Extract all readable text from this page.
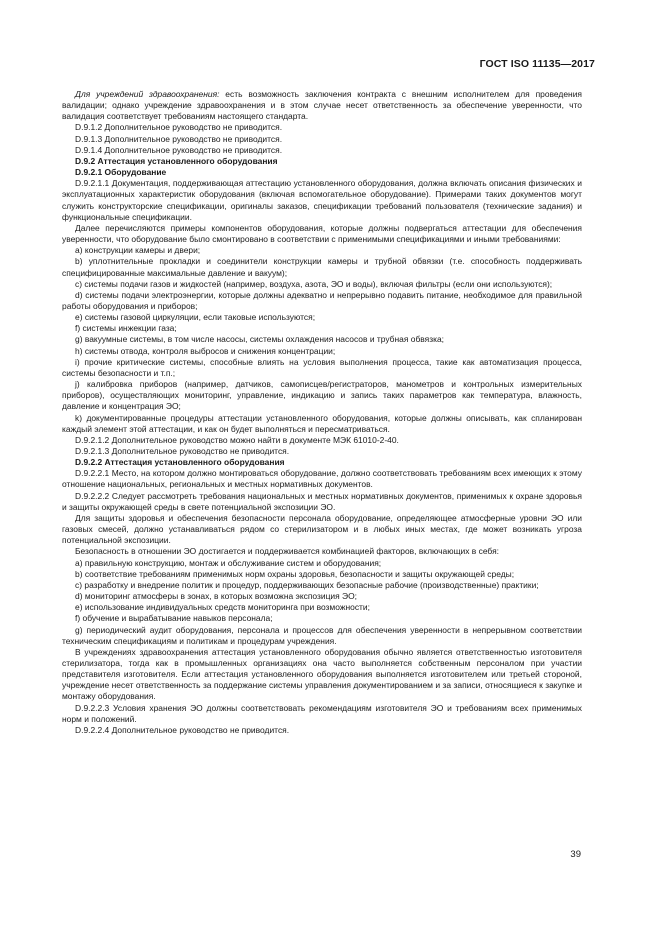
ГОСТ ISO 11135—2017

Для учреждений здравоохранения: есть возможность заключения контракта с внешним исполнителем для проведения валидации; однако учреждение здравоохранения и в этом случае несет ответственность за обеспечение уверенности, что валидация соответствует требованиям настоящего стандарта.

D.9.1.2 Дополнительное руководство не приводится.

D.9.1.3 Дополнительное руководство не приводится.

D.9.1.4 Дополнительное руководство не приводится.

D.9.2 Аттестация установленного оборудования

D.9.2.1 Оборудование

D.9.2.1.1 Документация, поддерживающая аттестацию установленного оборудования, должна включать описания физических и эксплуатационных характеристик оборудования (включая вспомогательное оборудование). Примерами таких документов могут служить конструкторские спецификации, оригиналы заказов, спецификации требований пользователя (технические задания) и функциональные спецификации.

Далее перечисляются примеры компонентов оборудования, которые должны подвергаться аттестации для обеспечения уверенности, что оборудование было смонтировано в соответствии с применимыми спецификациями и иными требованиями:

a) конструкции камеры и двери;

b) уплотнительные прокладки и соединители конструкции камеры и трубной обвязки (т.е. способность поддерживать специфицированные максимальные давление и вакуум);

c) системы подачи газов и жидкостей (например, воздуха, азота, ЭО и воды), включая фильтры (если они используются);

d) системы подачи электроэнергии, которые должны адекватно и непрерывно подавить питание, необходимое для правильной работы оборудования и приборов;

e) системы газовой циркуляции, если таковые используются;

f) системы инжекции газа;

g) вакуумные системы, в том числе насосы, системы охлаждения насосов и трубная обвязка;

h) системы отвода, контроля выбросов и снижения концентрации;

i) прочие критические системы, способные влиять на условия выполнения процесса, такие как автоматизация процесса, системы безопасности и т.п.;

j) калибровка приборов (например, датчиков, самописцев/регистраторов, манометров и контрольных измерительных приборов), осуществляющих мониторинг, управление, индикацию и запись таких параметров как температура, влажность, давление и концентрация ЭО;

k) документированные процедуры аттестации установленного оборудования, которые должны описывать, как спланирован каждый элемент этой аттестации, и как он будет выполняться и пересматриваться.

D.9.2.1.2 Дополнительное руководство можно найти в документе МЭК 61010-2-40.

D.9.2.1.3 Дополнительное руководство не приводится.

D.9.2.2 Аттестация установленного оборудования

D.9.2.2.1 Место, на котором должно монтироваться оборудование, должно соответствовать требованиям всех имеющих к этому отношение национальных, региональных и местных нормативных документов.

D.9.2.2.2 Следует рассмотреть требования национальных и местных нормативных документов, применимых к охране здоровья и защиты окружающей среды в свете потенциальной экспозиции ЭО.

Для защиты здоровья и обеспечения безопасности персонала оборудование, определяющее атмосферные уровни ЭО или газовых смесей, должно устанавливаться рядом со стерилизатором и в любых иных местах, где может возникать угроза потенциальной экспозиции.

Безопасность в отношении ЭО достигается и поддерживается комбинацией факторов, включающих в себя:

a) правильную конструкцию, монтаж и обслуживание систем и оборудования;

b) соответствие требованиям применимых норм охраны здоровья, безопасности и защиты окружающей среды;

c) разработку и внедрение политик и процедур, поддерживающих безопасные рабочие (производственные) практики;

d) мониторинг атмосферы в зонах, в которых возможна экспозиция ЭО;

e) использование индивидуальных средств мониторинга при возможности;

f) обучение и вырабатывание навыков персонала;

g) периодический аудит оборудования, персонала и процессов для обеспечения уверенности в непрерывном соответствии техническим спецификациям и политикам и процедурам учреждения.

В учреждениях здравоохранения аттестация установленного оборудования обычно является ответственностью изготовителя стерилизатора, тогда как в промышленных организациях она часто выполняется собственным персоналом при участии представителя изготовителя. Если аттестация установленного оборудования выполняется изготовителем или третьей стороной, учреждение несет ответственность за поддержание системы управления документированием и за записи, относящиеся к закупке и монтажу оборудования.

D.9.2.2.3 Условия хранения ЭО должны соответствовать рекомендациям изготовителя ЭО и требованиям всех применимых норм и положений.

D.9.2.2.4 Дополнительное руководство не приводится.

39
